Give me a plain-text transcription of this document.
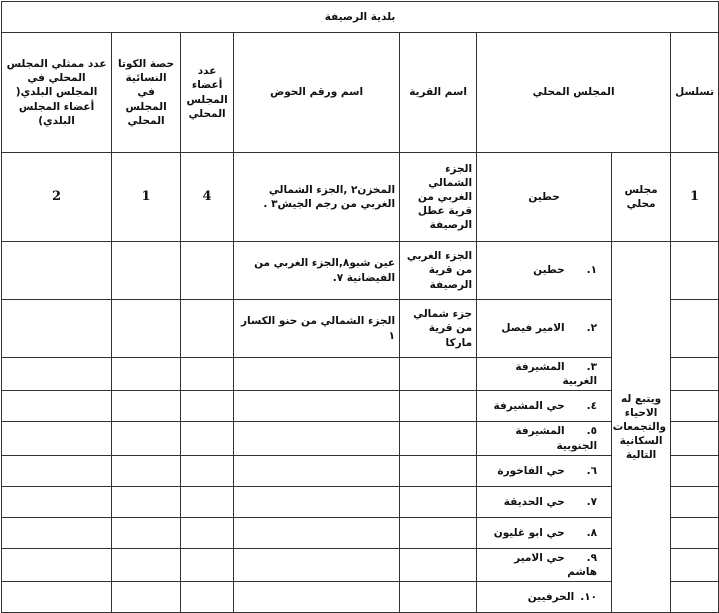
بلدية الرصيفة							
تسلسل	المجلس المحلي		اسم القرية	اسم ورقم الحوض	عدد أعضاء المجلس المحلي	حصة الكوتا النسائية في المجلس المحلي	عدد ممثلي المجلس المحلي في المجلس البلدي( أعضاء المجلس البلدي)
1	مجلس محلي	حطين	الجزء الشمالي الغربي من قرية عطل الرصيفة	المخزن٢ ,الجزء الشمالي الغربي من رجم الجيش٣ .	4	1	2
	ويتبع له الاحياء والتجمعات السكانية التالية	١.حطين	الجزء الغربي من قرية الرصيفة	عين شبو٨,الجزء الغربي من الفيضانية ٧.			
		٢.الامير فيصل	جزء شمالي من قرية ماركا	الجزء الشمالي من حنو الكسار ١			
		٣.المشيرفة الغربية					
		٤.حي المشيرفة					
		٥.المشيرفة الجنوبية					
		٦.حي الفاخورة					
		٧.حي الحديقة					
		٨.حي ابو غليون					
		٩.حي الامير هاشم					
		١٠.الحرفيين					
